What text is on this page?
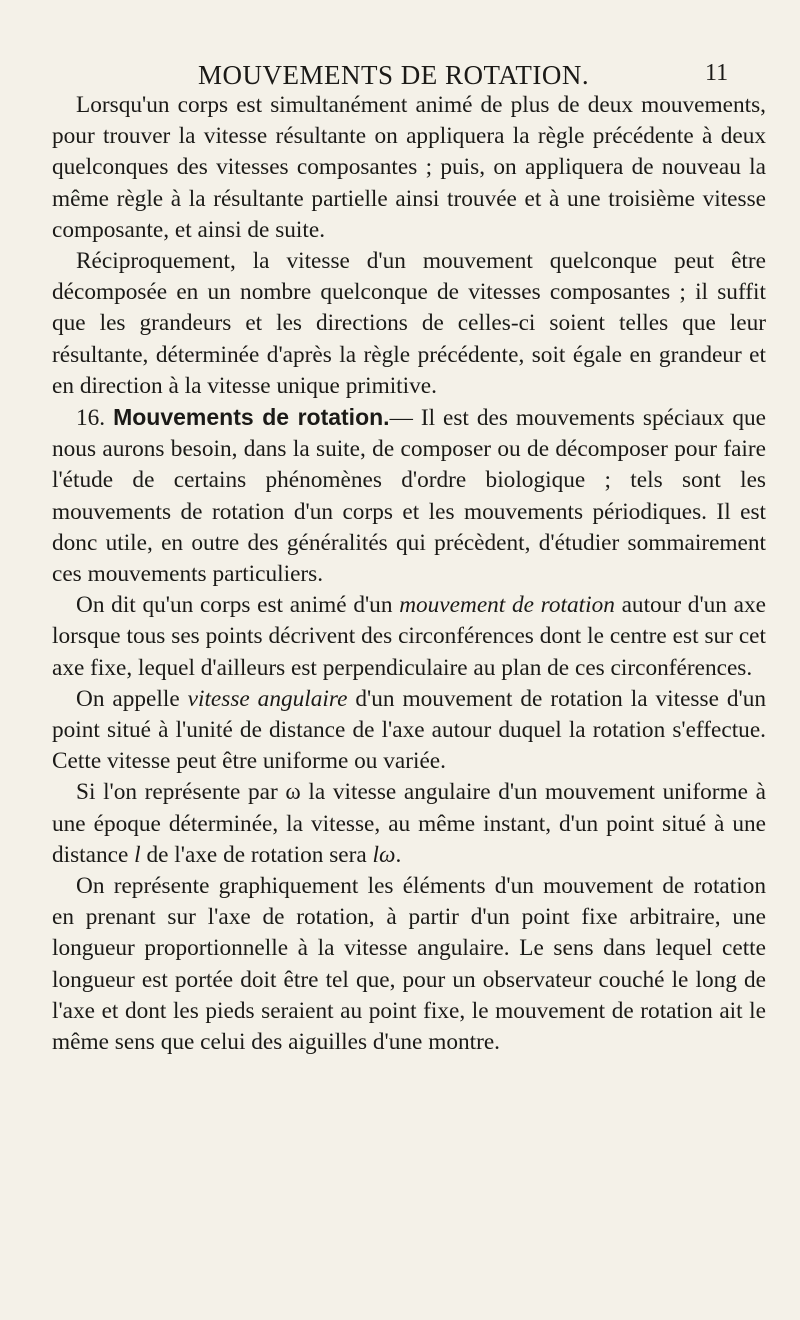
MOUVEMENTS DE ROTATION.	11

Lorsqu'un corps est simultanément animé de plus de deux mouvements, pour trouver la vitesse résultante on appliquera la règle précédente à deux quelconques des vitesses composantes ; puis, on appliquera de nouveau la même règle à la résultante partielle ainsi trouvée et à une troisième vitesse composante, et ainsi de suite.

Réciproquement, la vitesse d'un mouvement quelconque peut être décomposée en un nombre quelconque de vitesses composantes ; il suffit que les grandeurs et les directions de celles-ci soient telles que leur résultante, déterminée d'après la règle précédente, soit égale en grandeur et en direction à la vitesse unique primitive.

16. Mouvements de rotation.— Il est des mouvements spéciaux que nous aurons besoin, dans la suite, de composer ou de décomposer pour faire l'étude de certains phénomènes d'ordre biologique ; tels sont les mouvements de rotation d'un corps et les mouvements périodiques. Il est donc utile, en outre des généralités qui précèdent, d'étudier sommairement ces mouvements particuliers.

On dit qu'un corps est animé d'un mouvement de rotation autour d'un axe lorsque tous ses points décrivent des circonférences dont le centre est sur cet axe fixe, lequel d'ailleurs est perpendiculaire au plan de ces circonférences.

On appelle vitesse angulaire d'un mouvement de rotation la vitesse d'un point situé à l'unité de distance de l'axe autour duquel la rotation s'effectue. Cette vitesse peut être uniforme ou variée.

Si l'on représente par ω la vitesse angulaire d'un mouvement uniforme à une époque déterminée, la vitesse, au même instant, d'un point situé à une distance l de l'axe de rotation sera lω.

On représente graphiquement les éléments d'un mouvement de rotation en prenant sur l'axe de rotation, à partir d'un point fixe arbitraire, une longueur proportionnelle à la vitesse angulaire. Le sens dans lequel cette longueur est portée doit être tel que, pour un observateur couché le long de l'axe et dont les pieds seraient au point fixe, le mouvement de rotation ait le même sens que celui des aiguilles d'une montre.
